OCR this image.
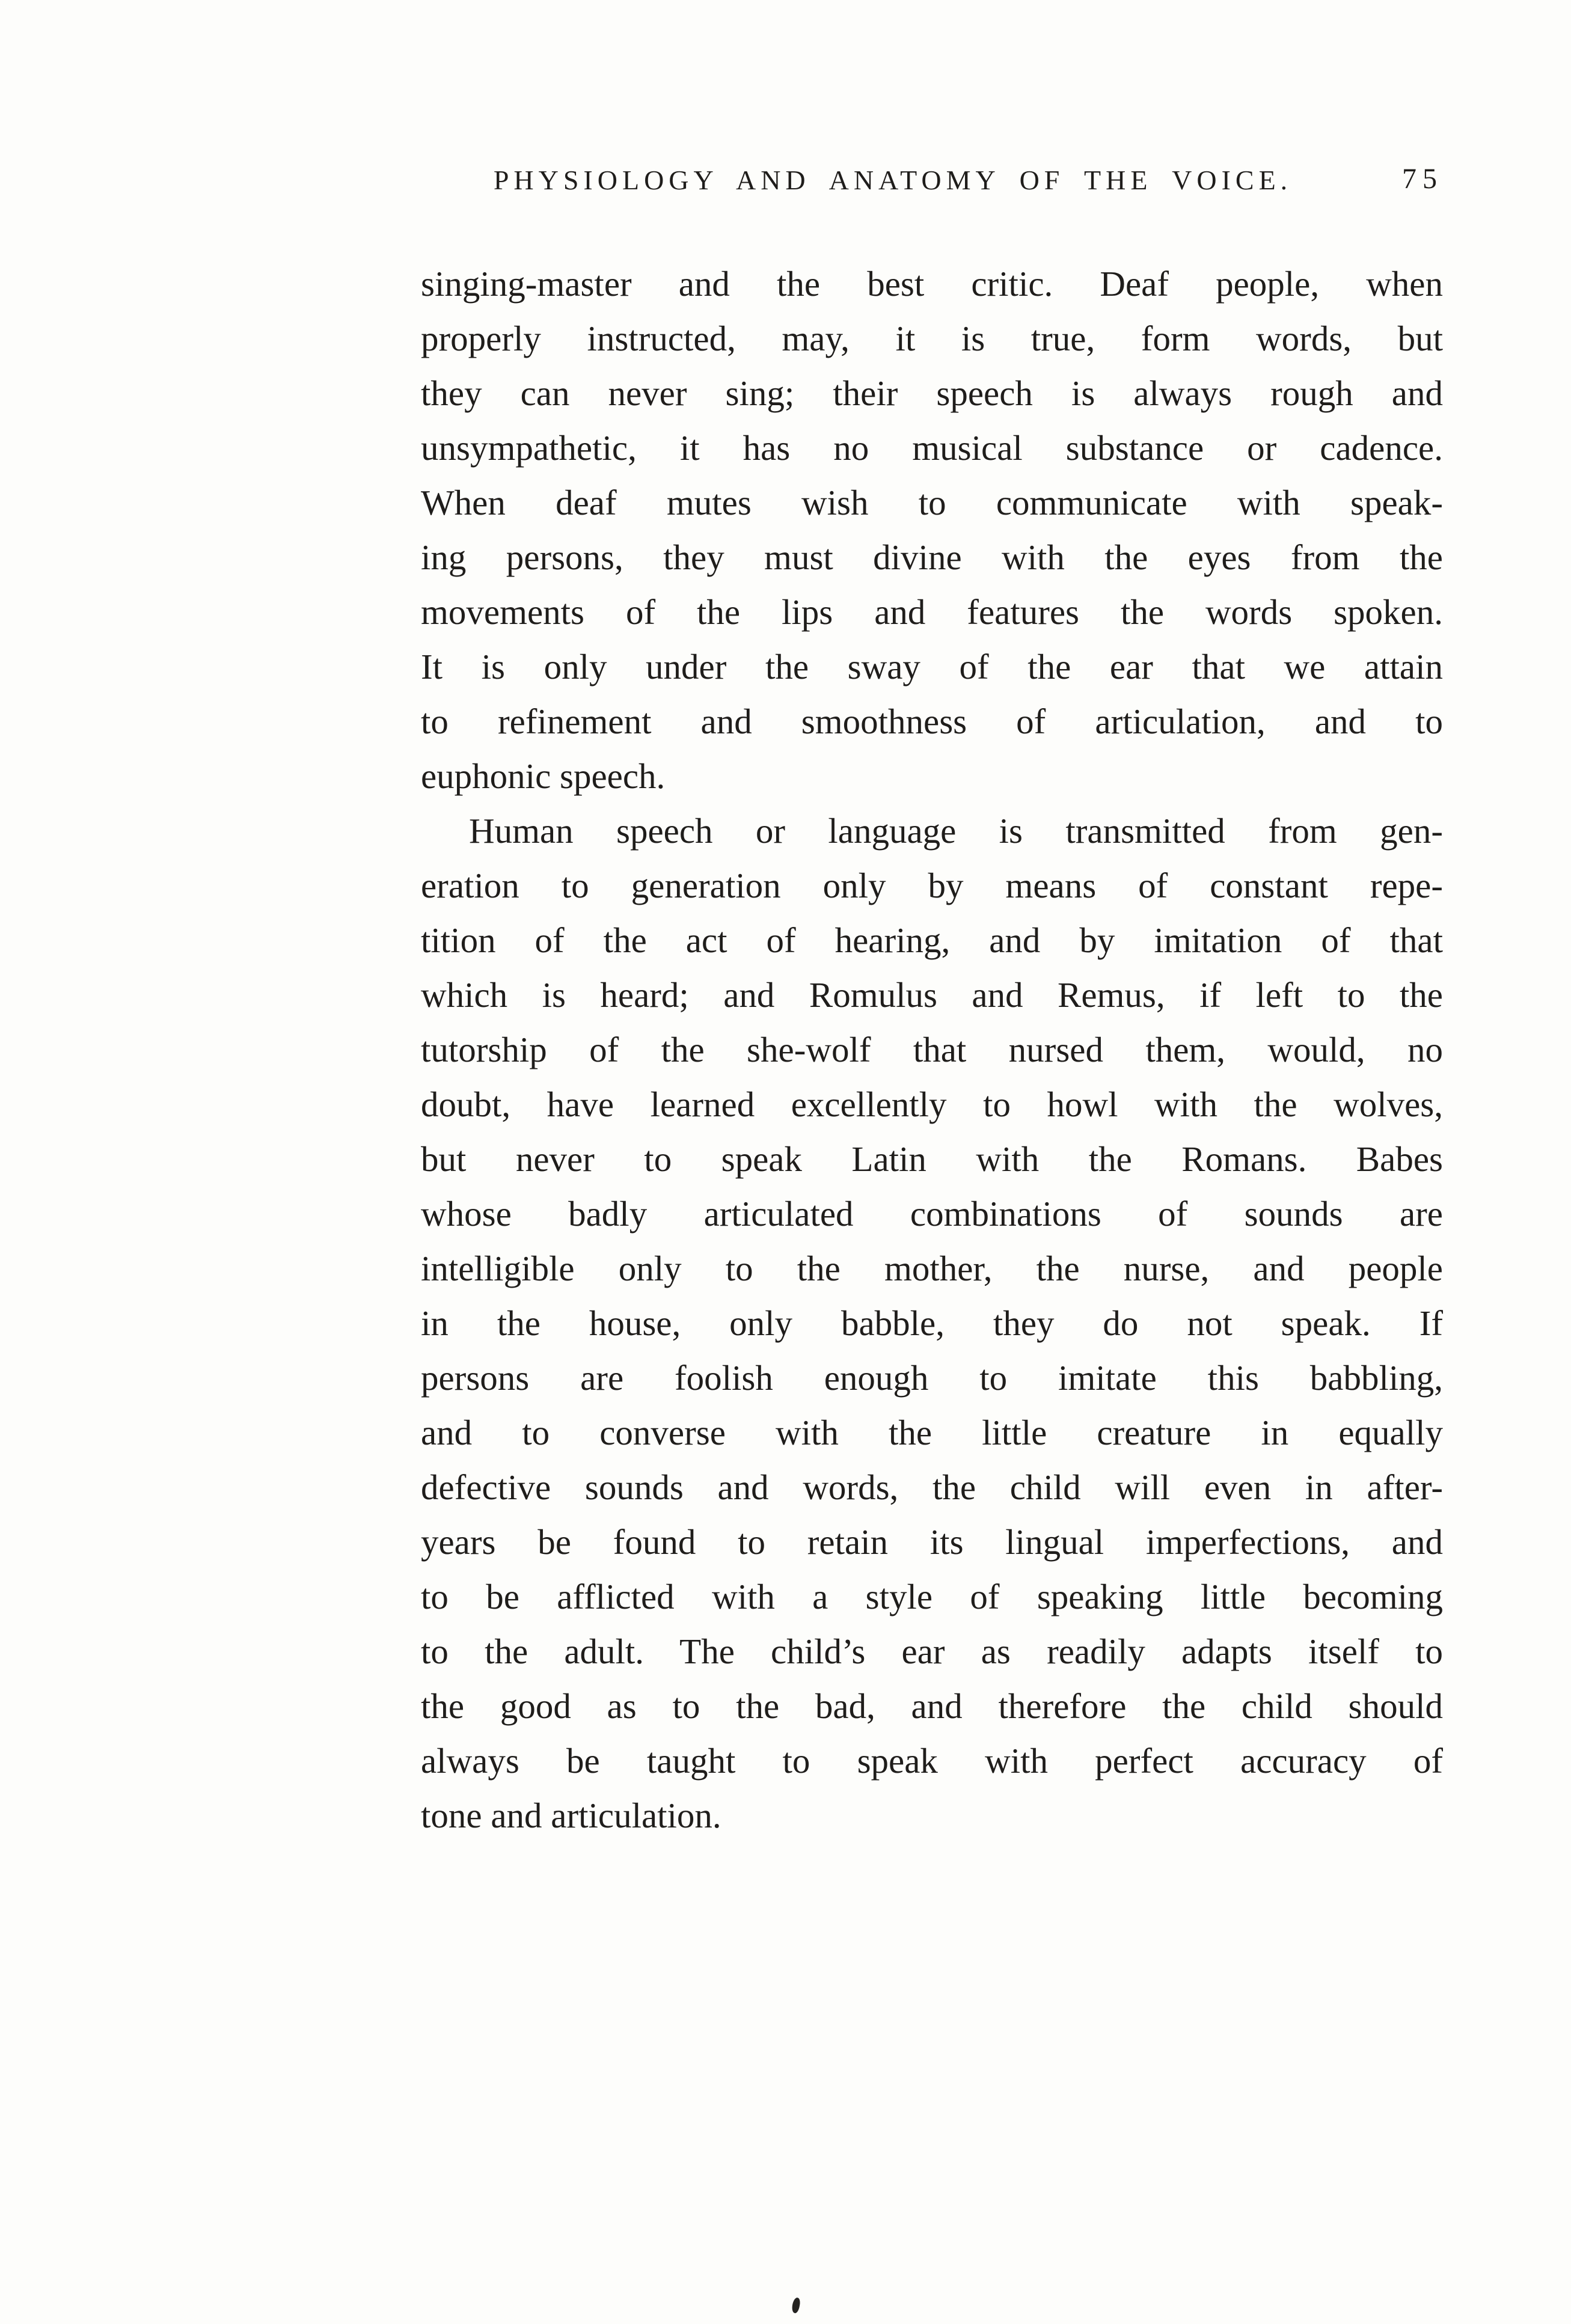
PHYSIOLOGY AND ANATOMY OF THE VOICE.	75
singing-master and the best critic. Deaf people, when
properly instructed, may, it is true, form words, but
they can never sing; their speech is always rough and
unsympathetic, it has no musical substance or cadence.
When deaf mutes wish to communicate with speak-
ing persons, they must divine with the eyes from the
movements of the lips and features the words spoken.
It is only under the sway of the ear that we attain
to refinement and smoothness of articulation, and to
euphonic speech.
Human speech or language is transmitted from gen-
eration to generation only by means of constant repe-
tition of the act of hearing, and by imitation of that
which is heard; and Romulus and Remus, if left to the
tutorship of the she-wolf that nursed them, would, no
doubt, have learned excellently to howl with the wolves,
but never to speak Latin with the Romans. Babes
whose badly articulated combinations of sounds are
intelligible only to the mother, the nurse, and people
in the house, only babble, they do not speak. If
persons are foolish enough to imitate this babbling,
and to converse with the little creature in equally
defective sounds and words, the child will even in after-
years be found to retain its lingual imperfections, and
to be afflicted with a style of speaking little becoming
to the adult. The child’s ear as readily adapts itself to
the good as to the bad, and therefore the child should
always be taught to speak with perfect accuracy of
tone and articulation.
